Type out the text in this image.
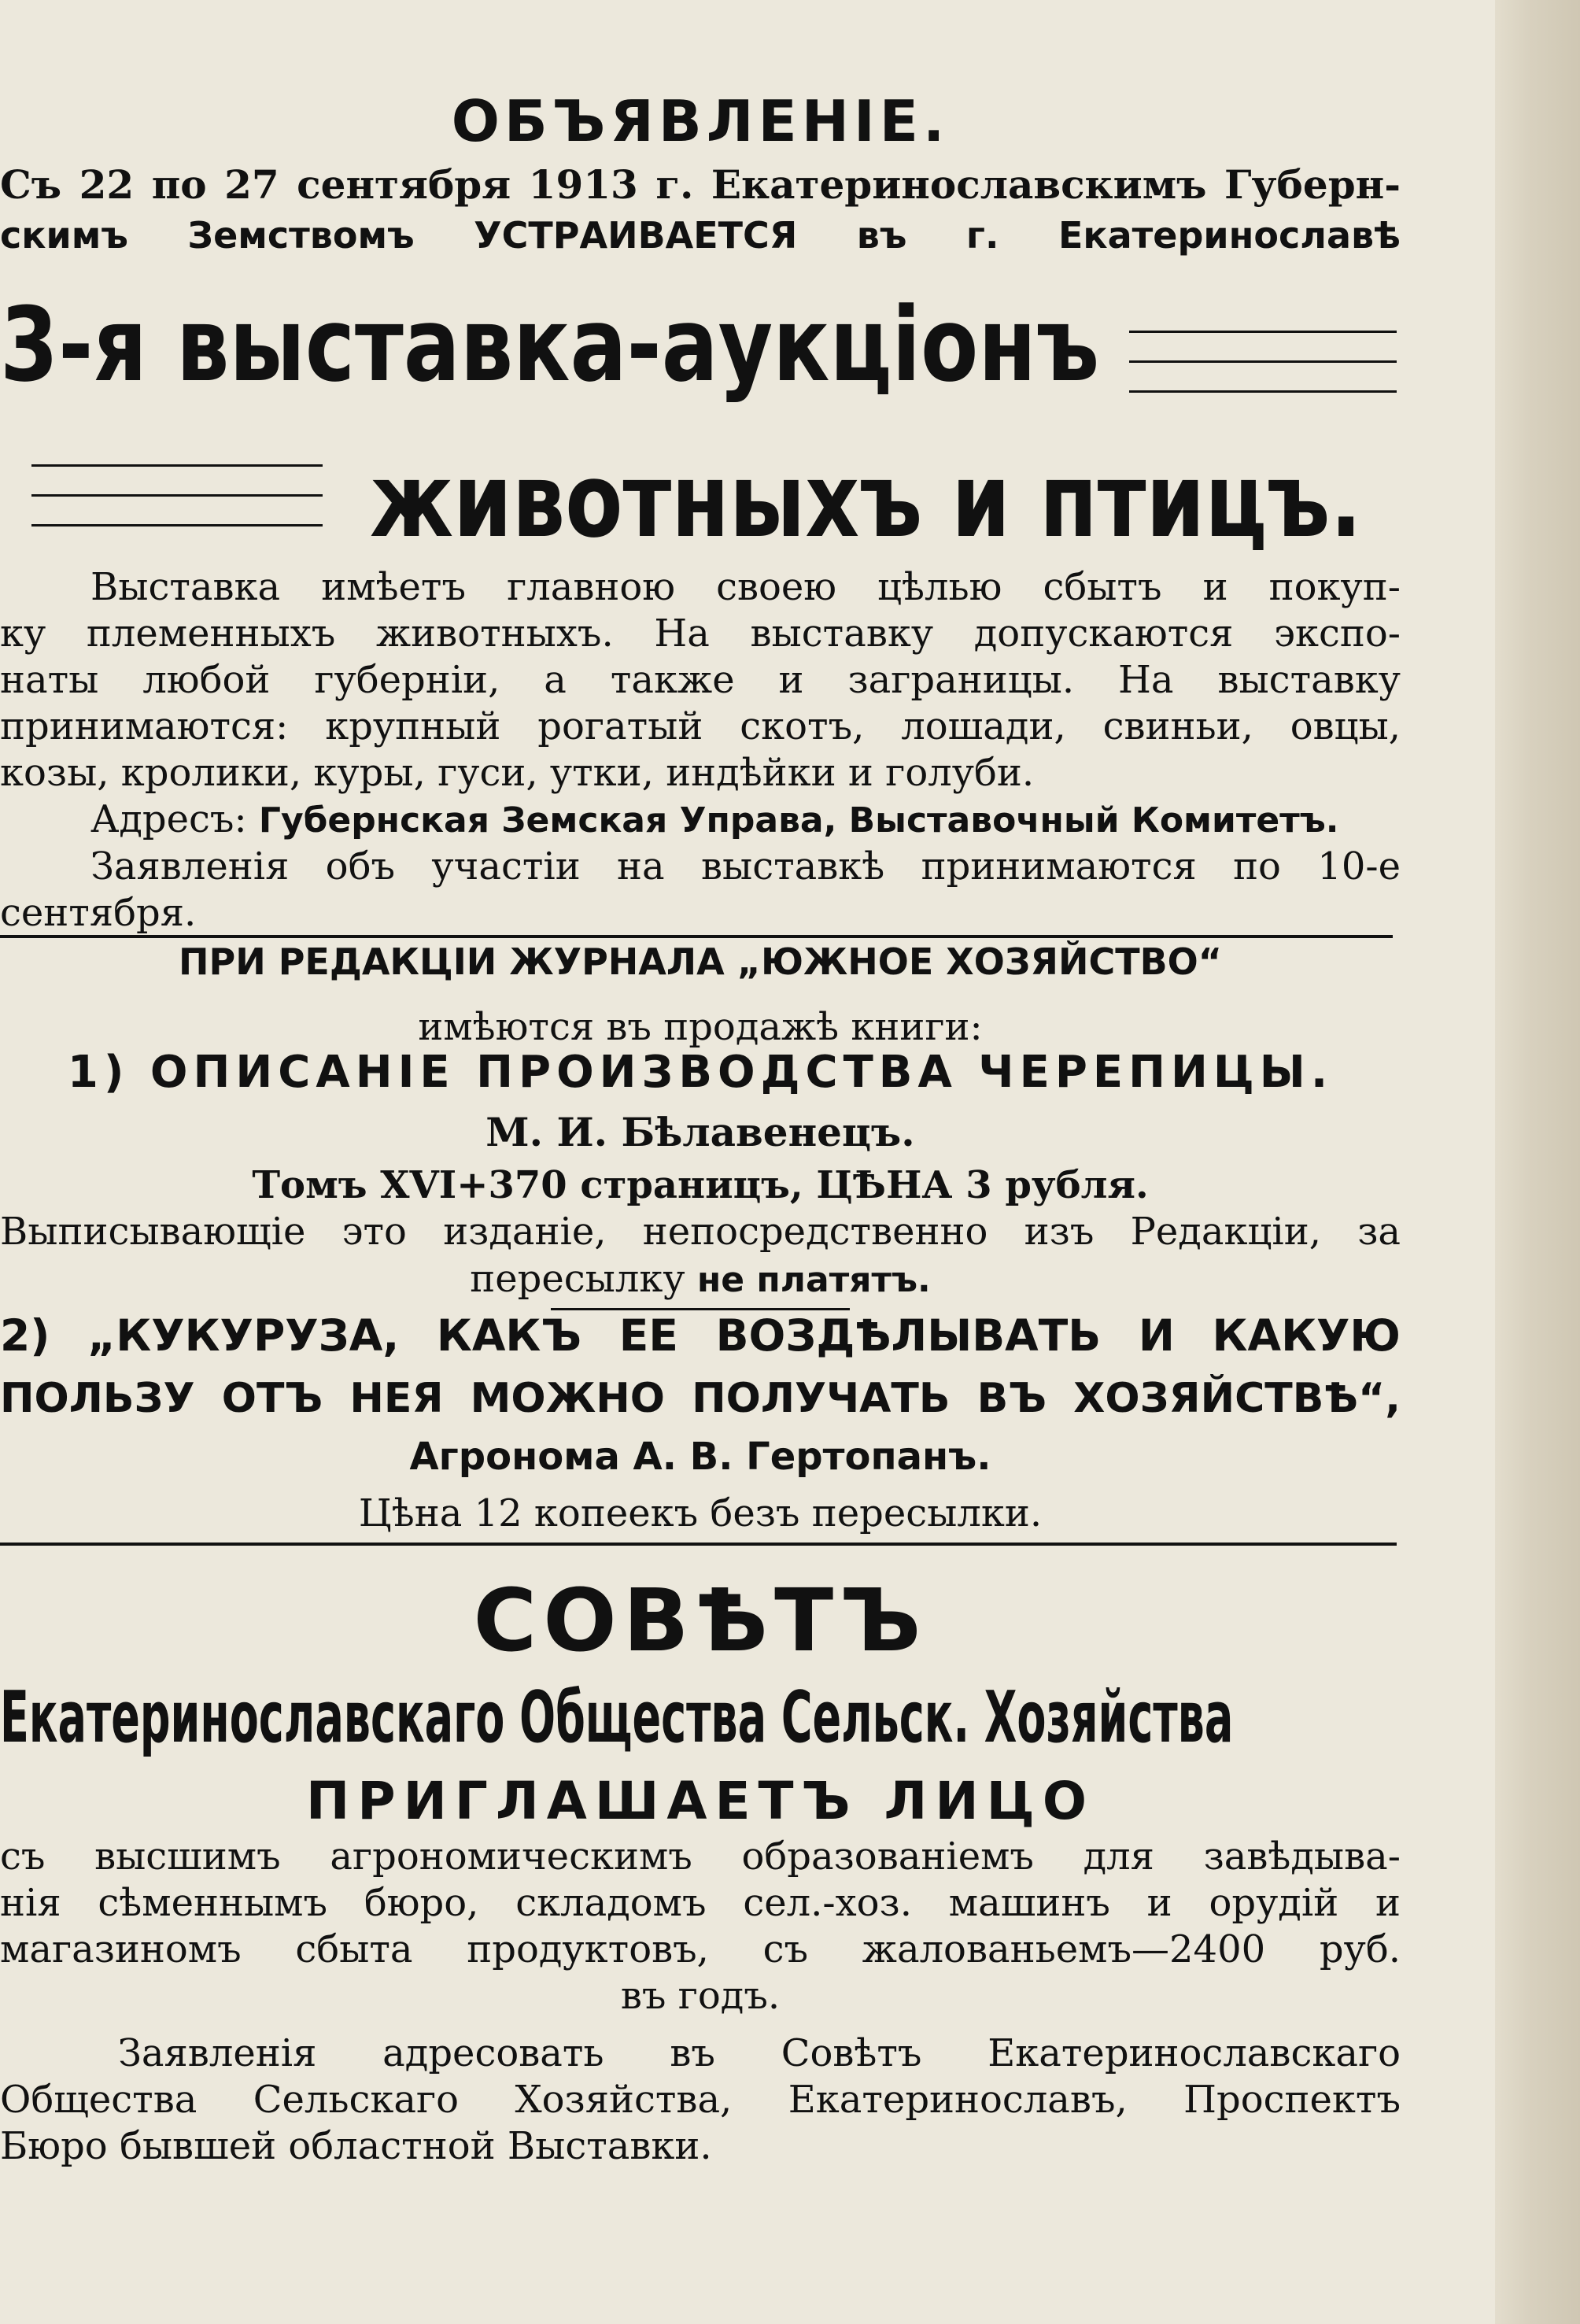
ОБЪЯВЛЕНIЕ.
Съ 22 по 27 сентября 1913 г. Екатеринославскимъ Губерн-
скимъ Земствомъ УСТРАИВАЕТСЯ въ г. Екатеринославѣ
3-я выставка-аукцiонъ
животныхъ и птицъ.
Выставка имѣетъ главною своею цѣлью сбытъ и покуп-
ку племенныхъ животныхъ. На выставку допускаются экспо-
наты любой губернiи, а также и заграницы. На выставку
принимаются: крупный рогатый скотъ, лошади, свиньи, овцы,
козы, кролики, куры, гуси, утки, индѣйки и голуби.
Адресъ: Губернская Земская Управа, Выставочный Комитетъ.
Заявленiя объ участiи на выставкѣ принимаются по 10-е
сентября.
ПРИ РЕДАКЦIИ ЖУРНАЛА „ЮЖНОЕ ХОЗЯЙСТВО“
имѣются въ продажѣ книги:
1) ОПИСАНIЕ ПРОИЗВОДСТВА ЧЕРЕПИЦЫ.
М. И. Бѣлавенецъ.
Томъ XVI+370 страницъ, ЦѢНА 3 рубля.
Выписывающiе это изданiе, непосредственно изъ Редакцiи, за
пересылку не платятъ.
2) „КУКУРУЗА, КАКЪ ЕЕ ВОЗДѢЛЫВАТЬ И КАКУЮ
ПОЛЬЗУ ОТЪ НЕЯ МОЖНО ПОЛУЧАТЬ ВЪ ХОЗЯЙСТВѢ“,
Агронома А. В. Гертопанъ.
Цѣна 12 копеекъ безъ пересылки.
СОВѢТЪ
Екатеринославскаго Общества Сельск. Хозяйства
ПРИГЛАШАЕТЪ ЛИЦО
съ высшимъ агрономическимъ образованiемъ для завѣдыва-
нiя сѣменнымъ бюро, складомъ сел.-хоз. машинъ и орудiй и
магазиномъ сбыта продуктовъ, съ жалованьемъ—2400 руб.
въ годъ.
Заявленiя адресовать въ Совѣтъ Екатеринославскаго
Общества Сельскаго Хозяйства, Екатеринославъ, Проспектъ
Бюро бывшей областной Выставки.
